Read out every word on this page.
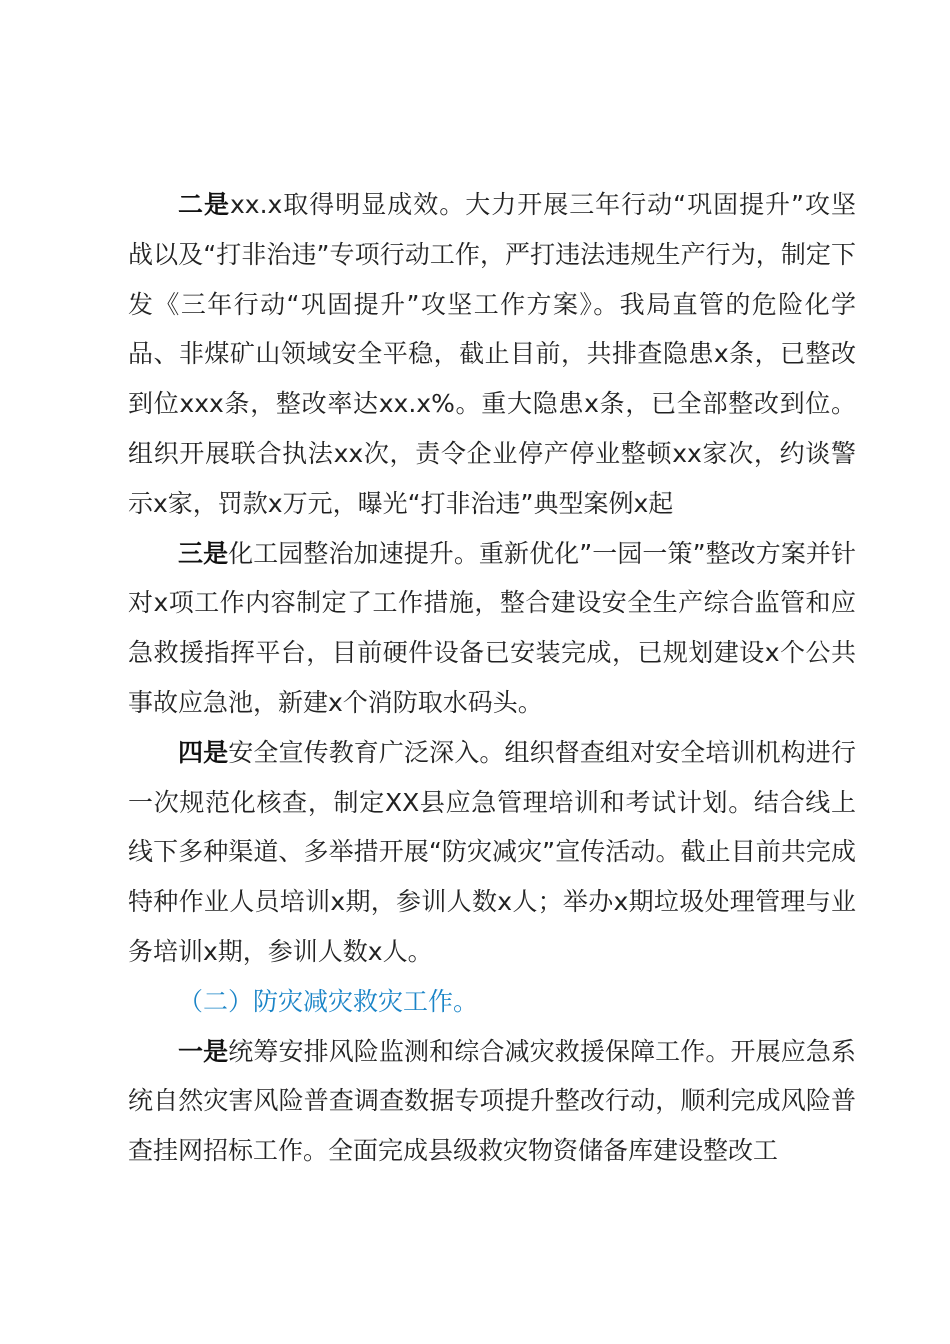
二是xx.x取得明显成效。大力开展三年行动“巩固提升”攻坚战以及“打非治违”专项行动工作，严打违法违规生产行为，制定下发《三年行动“巩固提升”攻坚工作方案》。我局直管的危险化学品、非煤矿山领域安全平稳，截止目前，共排查隐患x条，已整改到位xxx条，整改率达xx.x%。重大隐患x条，已全部整改到位。组织开展联合执法xx次，责令企业停产停业整顿xx家次，约谈警示x家，罚款x万元，曝光“打非治违”典型案例x起

三是化工园整治加速提升。重新优化”一园一策”整改方案并针对x项工作内容制定了工作措施，整合建设安全生产综合监管和应急救援指挥平台，目前硬件设备已安装完成，已规划建设x个公共事故应急池，新建x个消防取水码头。

四是安全宣传教育广泛深入。组织督查组对安全培训机构进行一次规范化核查，制定XX县应急管理培训和考试计划。结合线上线下多种渠道、多举措开展“防灾减灾”宣传活动。截止目前共完成特种作业人员培训x期，参训人数x人；举办x期垃圾处理管理与业务培训x期，参训人数x人。

（二）防灾减灾救灾工作。

一是统筹安排风险监测和综合减灾救援保障工作。开展应急系统自然灾害风险普查调查数据专项提升整改行动，顺利完成风险普查挂网招标工作。全面完成县级救灾物资储备库建设整改工
